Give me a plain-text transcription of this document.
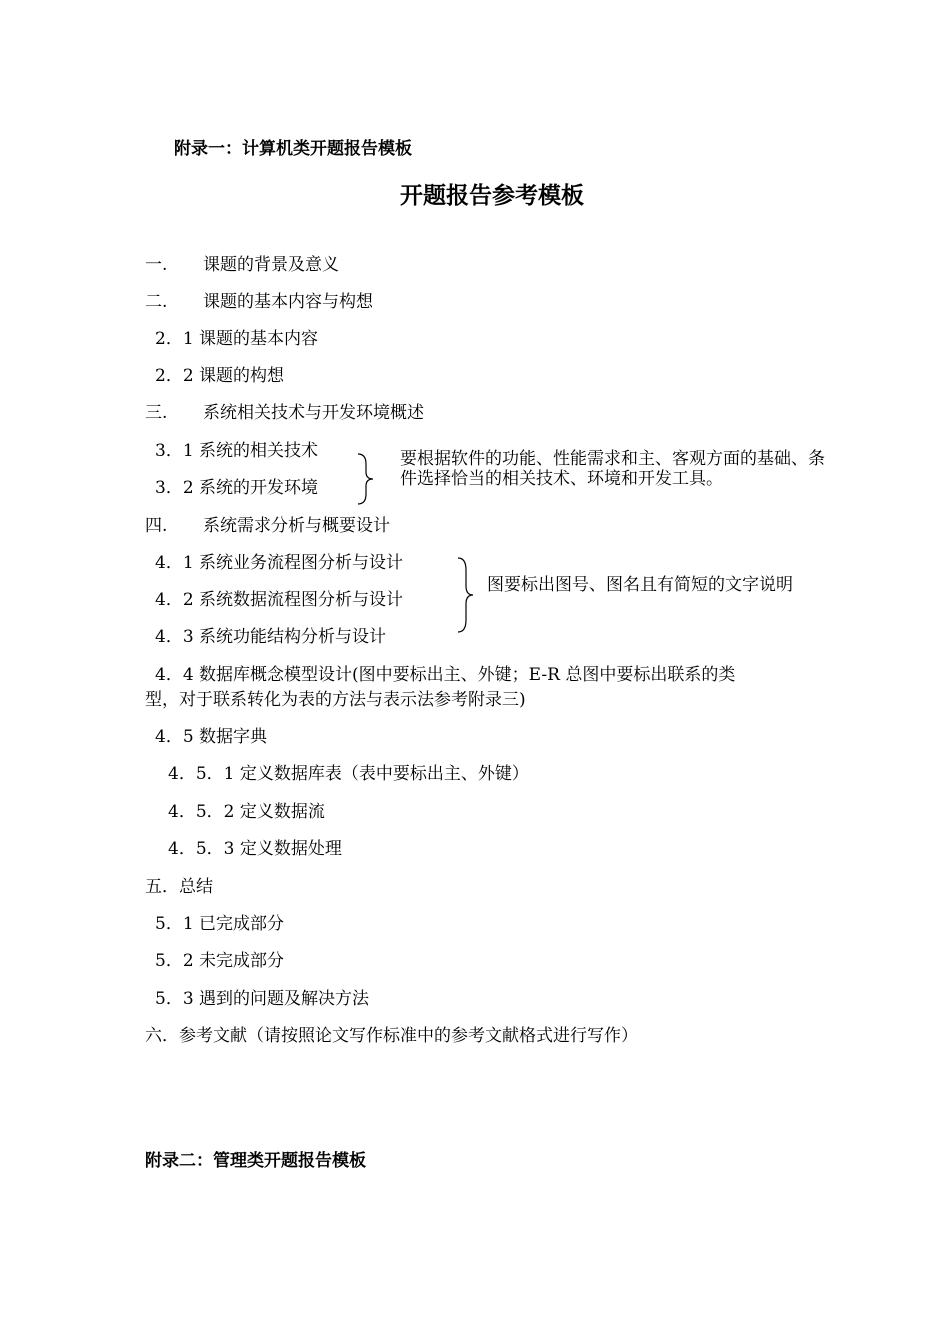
附录一：计算机类开题报告模板
开题报告参考模板
一. 课题的背景及意义
二. 课题的基本内容与构想
2．1 课题的基本内容
2．2 课题的构想
三. 系统相关技术与开发环境概述
3．1 系统的相关技术
3．2 系统的开发环境
要根据软件的功能、性能需求和主、客观方面的基础、条件选择恰当的相关技术、环境和开发工具。
四. 系统需求分析与概要设计
4．1 系统业务流程图分析与设计
4．2 系统数据流程图分析与设计
4．3 系统功能结构分析与设计
图要标出图号、图名且有简短的文字说明
4．4 数据库概念模型设计(图中要标出主、外键；E-R 总图中要标出联系的类
型，对于联系转化为表的方法与表示法参考附录三)
4．5 数据字典
4．5．1 定义数据库表（表中要标出主、外键）
4．5．2 定义数据流
4．5．3 定义数据处理
五．总结
5．1 已完成部分
5．2 未完成部分
5．3 遇到的问题及解决方法
六．参考文献（请按照论文写作标准中的参考文献格式进行写作）
附录二：管理类开题报告模板
